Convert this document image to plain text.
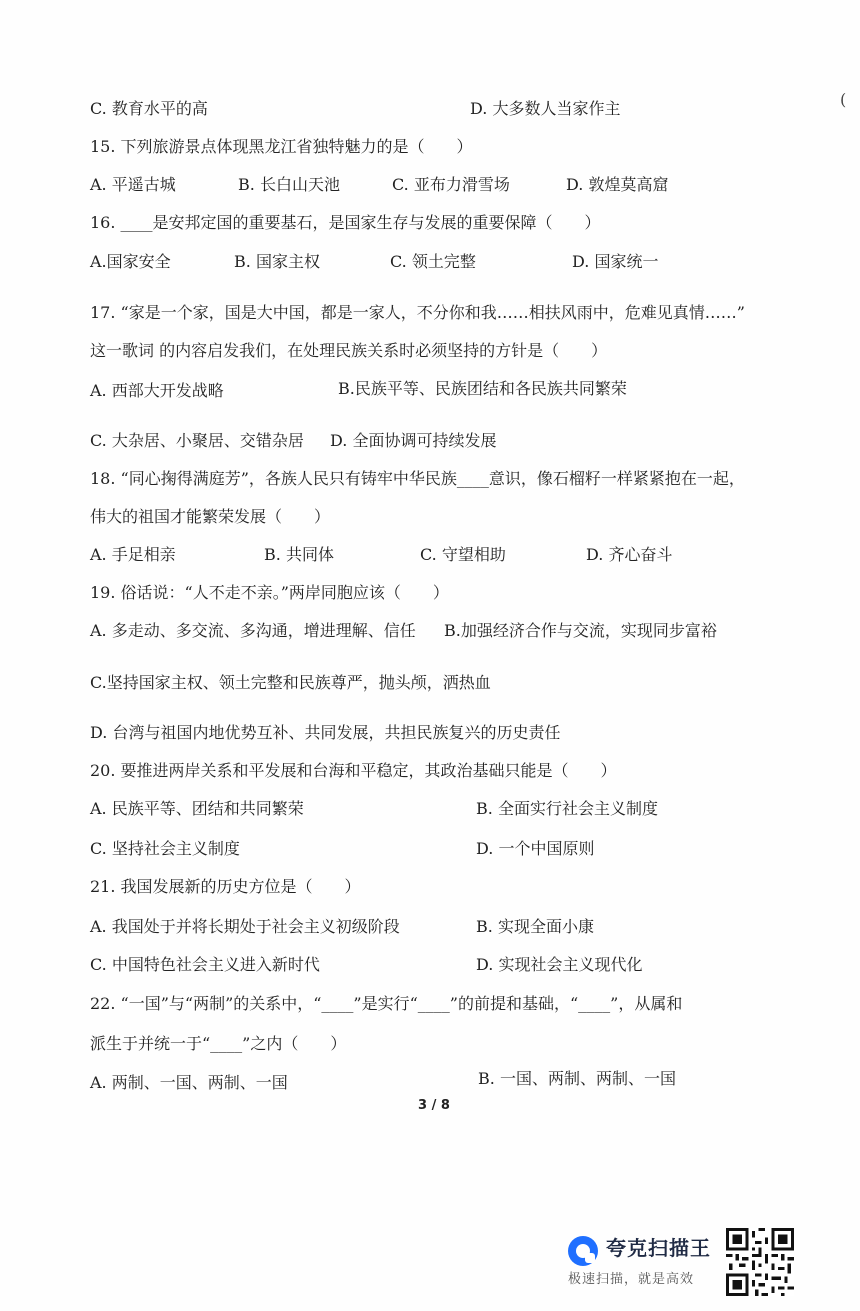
(
C. 教育水平的高	D. 大多数人当家作主
15. 下列旅游景点体现黑龙江省独特魅力的是（　　）
A. 平遥古城	B. 长白山天池	C. 亚布力滑雪场	D. 敦煌莫高窟
16. ____是安邦定国的重要基石，是国家生存与发展的重要保障（　　）
A.国家安全	B. 国家主权	C. 领土完整	D. 国家统一
17. “家是一个家，国是大中国，都是一家人，不分你和我……相扶风雨中，危难见真情……”
这一歌词 的内容启发我们，在处理民族关系时必须坚持的方针是（　　）
A. 西部大开发战略	B.民族平等、民族团结和各民族共同繁荣
C. 大杂居、小聚居、交错杂居 D. 全面协调可持续发展
18. “同心掬得满庭芳”，各族人民只有铸牢中华民族____意识，像石榴籽一样紧紧抱在一起，
伟大的祖国才能繁荣发展（　　）
A. 手足相亲	B. 共同体	C. 守望相助	D. 齐心奋斗
19. 俗话说：“人不走不亲。”两岸同胞应该（　　）
A. 多走动、多交流、多沟通，增进理解、信任 B.加强经济合作与交流，实现同步富裕
C.坚持国家主权、领土完整和民族尊严，抛头颅，洒热血
D. 台湾与祖国内地优势互补、共同发展，共担民族复兴的历史责任
20. 要推进两岸关系和平发展和台海和平稳定，其政治基础只能是（　　）
A. 民族平等、团结和共同繁荣	B. 全面实行社会主义制度
C. 坚持社会主义制度	D. 一个中国原则
21. 我国发展新的历史方位是（　　）
A. 我国处于并将长期处于社会主义初级阶段	B. 实现全面小康
C. 中国特色社会主义进入新时代	D. 实现社会主义现代化
22. “一国”与“两制”的关系中，“____”是实行“____”的前提和基础，“____”，从属和
派生于并统一于“____”之内（　　）
A. 两制、一国、两制、一国	B. 一国、两制、两制、一国
3 / 8
夸克扫描王
极速扫描，就是高效
